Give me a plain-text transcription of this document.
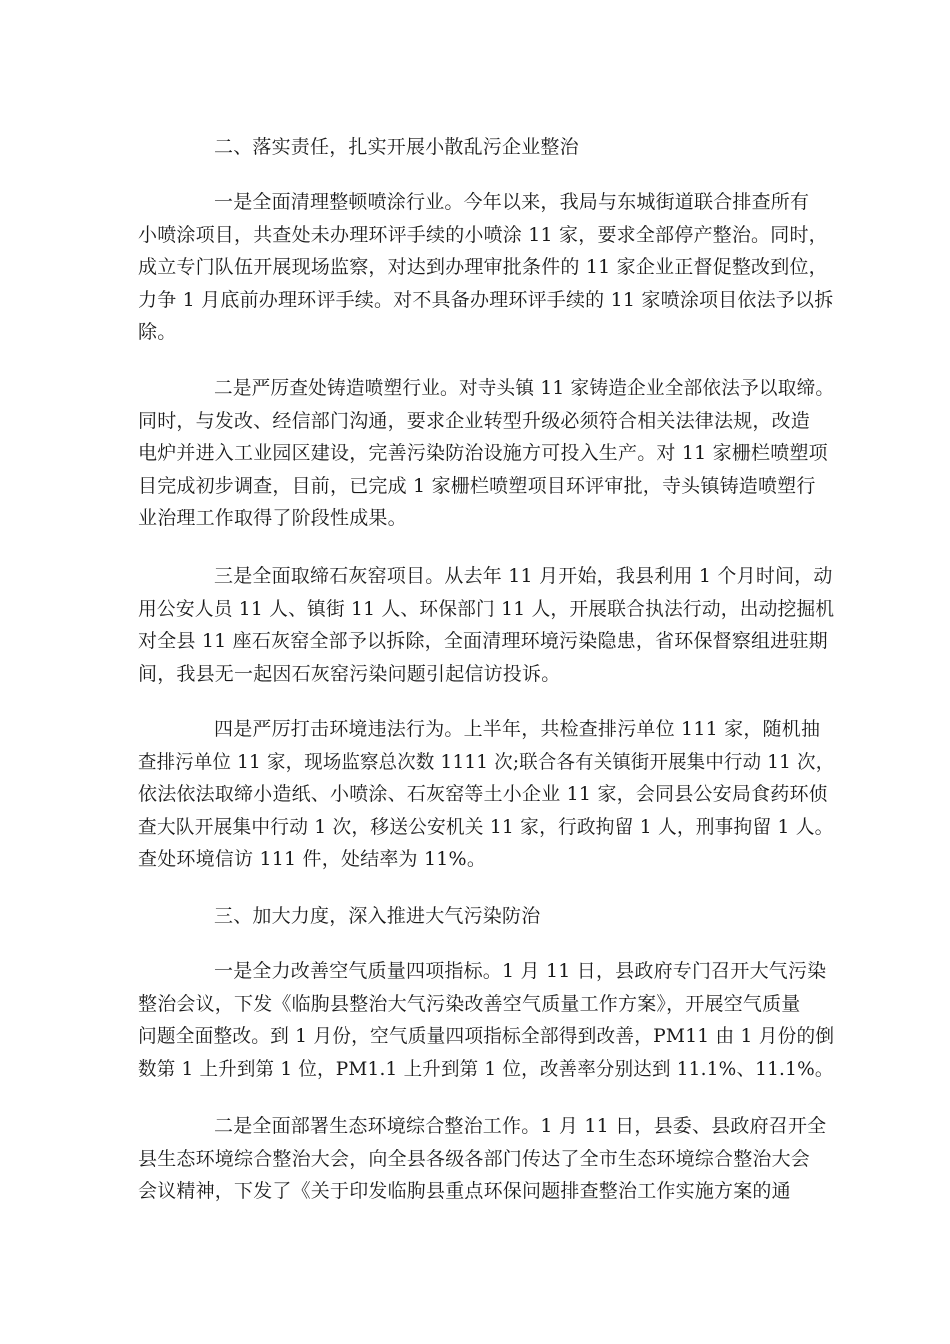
二、落实责任，扎实开展小散乱污企业整治
一是全面清理整顿喷涂行业。今年以来，我局与东城街道联合排查所有
小喷涂项目，共查处未办理环评手续的小喷涂 11 家，要求全部停产整治。同时，
成立专门队伍开展现场监察，对达到办理审批条件的 11 家企业正督促整改到位，
力争 1 月底前办理环评手续。对不具备办理环评手续的 11 家喷涂项目依法予以拆
除。
二是严厉查处铸造喷塑行业。对寺头镇 11 家铸造企业全部依法予以取缔。
同时，与发改、经信部门沟通，要求企业转型升级必须符合相关法律法规，改造
电炉并进入工业园区建设，完善污染防治设施方可投入生产。对 11 家栅栏喷塑项
目完成初步调查，目前，已完成 1 家栅栏喷塑项目环评审批，寺头镇铸造喷塑行
业治理工作取得了阶段性成果。
三是全面取缔石灰窑项目。从去年 11 月开始，我县利用 1 个月时间，动
用公安人员 11 人、镇街 11 人、环保部门 11 人，开展联合执法行动，出动挖掘机
对全县 11 座石灰窑全部予以拆除，全面清理环境污染隐患，省环保督察组进驻期
间，我县无一起因石灰窑污染问题引起信访投诉。
四是严厉打击环境违法行为。上半年，共检查排污单位 111 家，随机抽
查排污单位 11 家，现场监察总次数 1111 次;联合各有关镇街开展集中行动 11 次，
依法依法取缔小造纸、小喷涂、石灰窑等土小企业 11 家，会同县公安局食药环侦
查大队开展集中行动 1 次，移送公安机关 11 家，行政拘留 1 人，刑事拘留 1 人。
查处环境信访 111 件，处结率为 11%。
三、加大力度，深入推进大气污染防治
一是全力改善空气质量四项指标。1 月 11 日，县政府专门召开大气污染
整治会议，下发《临朐县整治大气污染改善空气质量工作方案》，开展空气质量
问题全面整改。到 1 月份，空气质量四项指标全部得到改善，PM11 由 1 月份的倒
数第 1 上升到第 1 位，PM1.1 上升到第 1 位，改善率分别达到 11.1%、11.1%。
二是全面部署生态环境综合整治工作。1 月 11 日，县委、县政府召开全
县生态环境综合整治大会，向全县各级各部门传达了全市生态环境综合整治大会
会议精神，下发了《关于印发临朐县重点环保问题排查整治工作实施方案的通
